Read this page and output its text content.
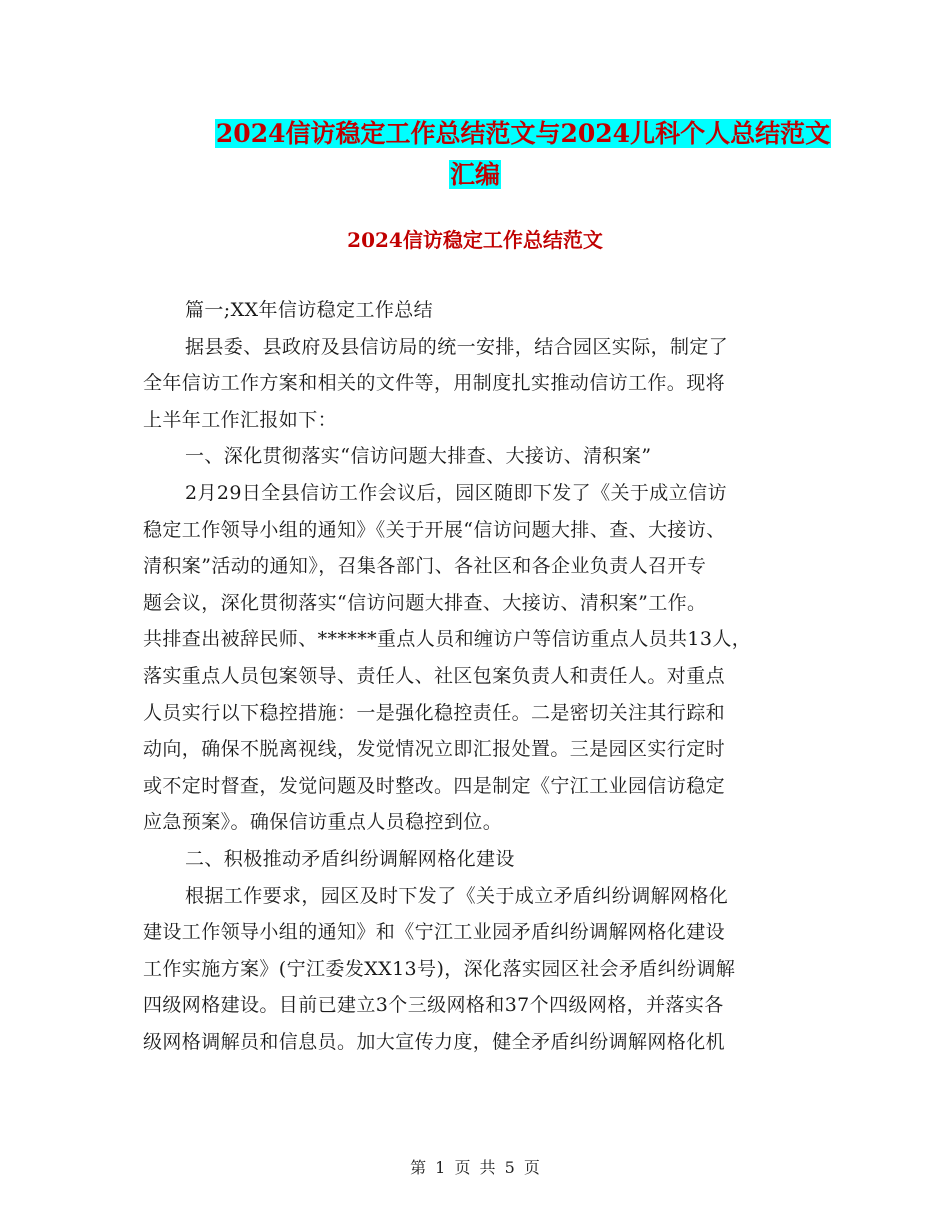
2024信访稳定工作总结范文与2024儿科个人总结范文
汇编
2024信访稳定工作总结范文
篇一;XX年信访稳定工作总结
据县委、县政府及县信访局的统一安排，结合园区实际，制定了
全年信访工作方案和相关的文件等，用制度扎实推动信访工作。现将
上半年工作汇报如下：
一、深化贯彻落实“信访问题大排查、大接访、清积案”
2月29日全县信访工作会议后，园区随即下发了《关于成立信访
稳定工作领导小组的通知》《关于开展“信访问题大排、查、大接访、
清积案”活动的通知》，召集各部门、各社区和各企业负责人召开专
题会议，深化贯彻落实“信访问题大排查、大接访、清积案”工作。
共排查出被辞民师、******重点人员和缠访户等信访重点人员共13人，
落实重点人员包案领导、责任人、社区包案负责人和责任人。对重点
人员实行以下稳控措施：一是强化稳控责任。二是密切关注其行踪和
动向，确保不脱离视线，发觉情况立即汇报处置。三是园区实行定时
或不定时督查，发觉问题及时整改。四是制定《宁江工业园信访稳定
应急预案》。确保信访重点人员稳控到位。
二、积极推动矛盾纠纷调解网格化建设
根据工作要求，园区及时下发了《关于成立矛盾纠纷调解网格化
建设工作领导小组的通知》和《宁江工业园矛盾纠纷调解网格化建设
工作实施方案》(宁江委发XX13号)，深化落实园区社会矛盾纠纷调解
四级网格建设。目前已建立3个三级网格和37个四级网格，并落实各
级网格调解员和信息员。加大宣传力度，健全矛盾纠纷调解网格化机
第 1 页 共 5 页
